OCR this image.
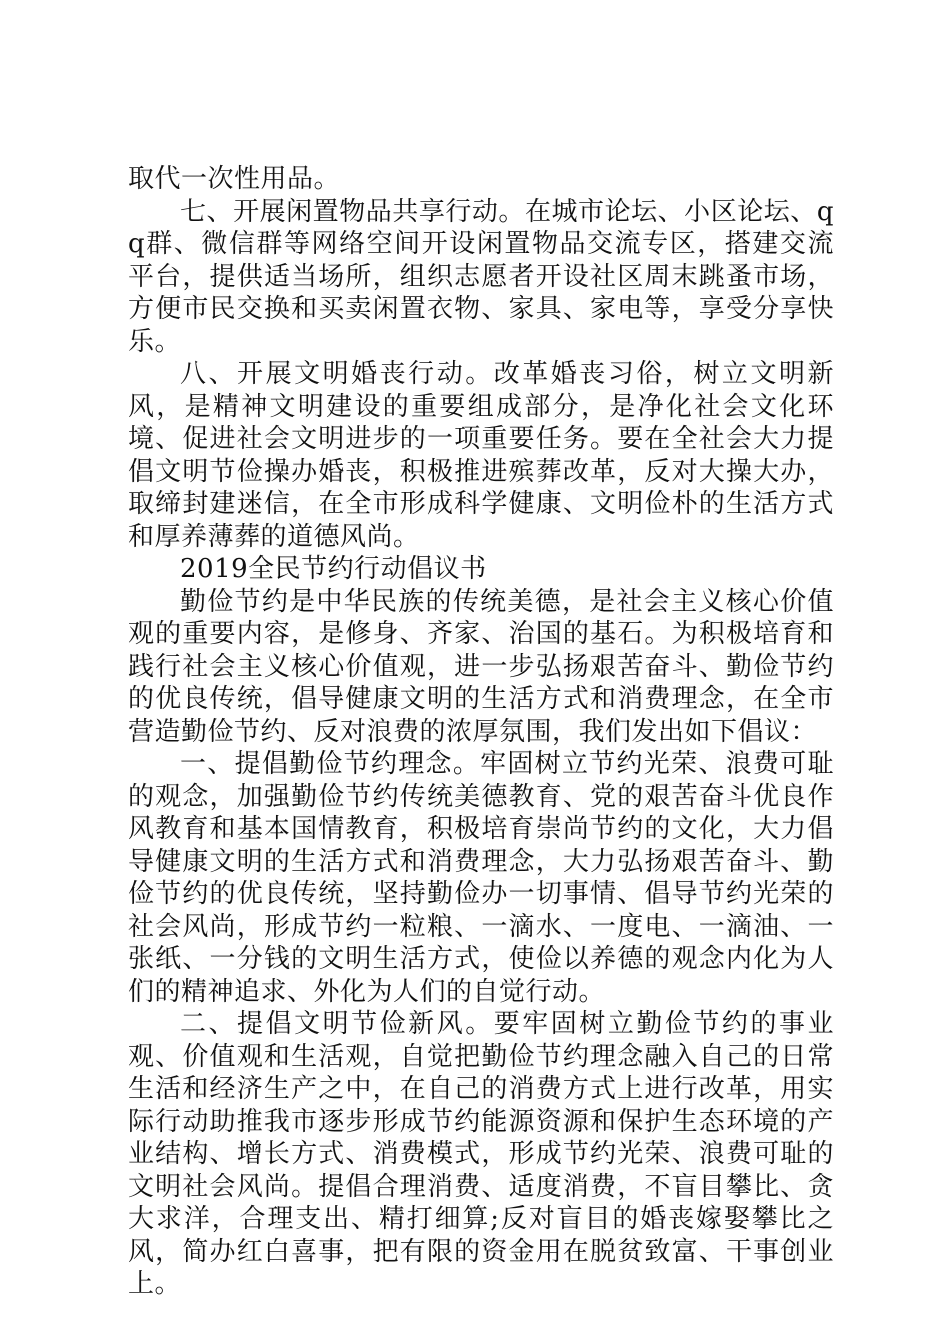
取代一次性用品。

七、开展闲置物品共享行动。在城市论坛、小区论坛、qq群、微信群等网络空间开设闲置物品交流专区，搭建交流平台，提供适当场所，组织志愿者开设社区周末跳蚤市场，方便市民交换和买卖闲置衣物、家具、家电等，享受分享快乐。

八、开展文明婚丧行动。改革婚丧习俗，树立文明新风，是精神文明建设的重要组成部分，是净化社会文化环境、促进社会文明进步的一项重要任务。要在全社会大力提倡文明节俭操办婚丧，积极推进殡葬改革，反对大操大办，取缔封建迷信，在全市形成科学健康、文明俭朴的生活方式和厚养薄葬的道德风尚。

2019全民节约行动倡议书

勤俭节约是中华民族的传统美德，是社会主义核心价值观的重要内容，是修身、齐家、治国的基石。为积极培育和践行社会主义核心价值观，进一步弘扬艰苦奋斗、勤俭节约的优良传统，倡导健康文明的生活方式和消费理念，在全市营造勤俭节约、反对浪费的浓厚氛围，我们发出如下倡议：

一、提倡勤俭节约理念。牢固树立节约光荣、浪费可耻的观念，加强勤俭节约传统美德教育、党的艰苦奋斗优良作风教育和基本国情教育，积极培育崇尚节约的文化，大力倡导健康文明的生活方式和消费理念，大力弘扬艰苦奋斗、勤俭节约的优良传统，坚持勤俭办一切事情、倡导节约光荣的社会风尚，形成节约一粒粮、一滴水、一度电、一滴油、一张纸、一分钱的文明生活方式，使俭以养德的观念内化为人们的精神追求、外化为人们的自觉行动。

二、提倡文明节俭新风。要牢固树立勤俭节约的事业观、价值观和生活观，自觉把勤俭节约理念融入自己的日常生活和经济生产之中，在自己的消费方式上进行改革，用实际行动助推我市逐步形成节约能源资源和保护生态环境的产业结构、增长方式、消费模式，形成节约光荣、浪费可耻的文明社会风尚。提倡合理消费、适度消费，不盲目攀比、贪大求洋，合理支出、精打细算;反对盲目的婚丧嫁娶攀比之风，简办红白喜事，把有限的资金用在脱贫致富、干事创业上。
